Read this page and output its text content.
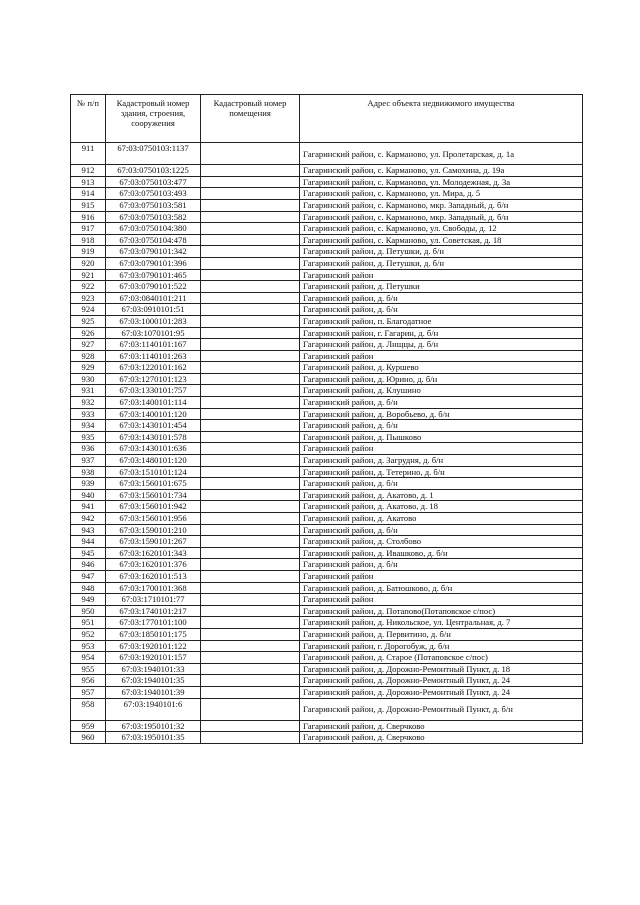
№ п/п	Кадастровый номер здания, строения, сооружения	Кадастровый номер помещения	Адрес объекта недвижимого имущества
911	67:03:0750103:1137		Гагаринский район, с. Карманово, ул. Пролетарская, д. 1а
912	67:03:0750103:1225		Гагаринский район, с. Карманово, ул. Самохина, д. 19а
913	67:03:0750103:477		Гагаринский район, с. Карманово, ул. Молодежная, д. 3а
914	67:03:0750103:493		Гагаринский район, с. Карманово, ул. Мира, д. 5
915	67:03:0750103:581		Гагаринский район, с. Карманово, мкр. Западный, д. б/н
916	67:03:0750103:582		Гагаринский район, с. Карманово, мкр. Западный, д. б/н
917	67:03:0750104:380		Гагаринский район, с. Карманово, ул. Свободы, д. 12
918	67:03:0750104:478		Гагаринский район, с. Карманово, ул. Советская, д. 18
919	67:03:0790101:342		Гагаринский район, д. Петушки, д. б/н
920	67:03:0790101:396		Гагаринский район, д. Петушки, д. б/н
921	67:03:0790101:465		Гагаринский район
922	67:03:0790101:522		Гагаринский район, д. Петушки
923	67:03:0840101:211		Гагаринский район, д. б/н
924	67:03:0910101:51		Гагаринский район, д. б/н
925	67:03:1000101:283		Гагаринский район, п. Благодатное
926	67:03:1070101:95		Гагаринский район, г. Гагарин, д. б/н
927	67:03:1140101:167		Гагаринский район, д. Лнщцы, д. б/н
928	67:03:1140101:263		Гагаринский район
929	67:03:1220101:162		Гагаринский район, д. Куршево
930	67:03:1270101:123		Гагаринский район, д. Юрино, д. б/н
931	67:03:1330101:757		Гагаринский район, д. Клушино
932	67:03:1400101:114		Гагаринский район, д. б/н
933	67:03:1400101:120		Гагаринский район, д. Воробьево, д. б/н
934	67:03:1430101:454		Гагаринский район, д. б/н
935	67:03:1430101:578		Гагаринский район, д. Пышково
936	67:03:1430101:636		Гагаринский район
937	67:03:1480101:120		Гагаринский район, д. Загрудня, д. б/н
938	67:03:1510101:124		Гагаринский район, д. Тетерино, д. б/н
939	67:03:1560101:675		Гагаринский район, д. б/н
940	67:03:1560101:734		Гагаринский район, д. Акатово, д. 1
941	67:03:1560101:942		Гагаринский район, д. Акатово, д. 18
942	67:03:1560101:956		Гагаринский район, д. Акатово
943	67:03:1590101:210		Гагаринский район, д. б/н
944	67:03:1590101:267		Гагаринский район, д. Столбово
945	67:03:1620101:343		Гагаринский район, д. Ивашково, д. б/н
946	67:03:1620101:376		Гагаринский район, д. б/н
947	67:03:1620101:513		Гагаринский район
948	67:03:1700101:368		Гагаринский район, д. Батюшково, д. б/н
949	67:03:1710101:77		Гагаринский район
950	67:03:1740101:217		Гагаринский район, д. Потапово(Потаповское с/пос)
951	67:03:1770101:100		Гагаринский район, д. Никольское, ул. Центральная, д. 7
952	67:03:1850101:175		Гагаринский район, д. Первитино, д. б/н
953	67:03:1920101:122		Гагаринский район, г. Дорогобуж, д. б/н
954	67:03:1920101:157		Гагаринский район, д. Старое (Потаповское с/пос)
955	67:03:1940101:33		Гагаринский район, д. Дорожно-Ремонтный Пункт, д. 18
956	67:03:1940101:35		Гагаринский район, д. Дорожно-Ремонтный Пункт, д. 24
957	67:03:1940101:39		Гагаринский район, д. Дорожно-Ремонтный Пункт, д. 24
958	67:03:1940101:6		Гагаринский район, д. Дорожно-Ремонтный Пункт, д. б/н
959	67:03:1950101:32		Гагаринский район, д. Сверчково
960	67:03:1950101:35		Гагаринский район, д. Сверчково
